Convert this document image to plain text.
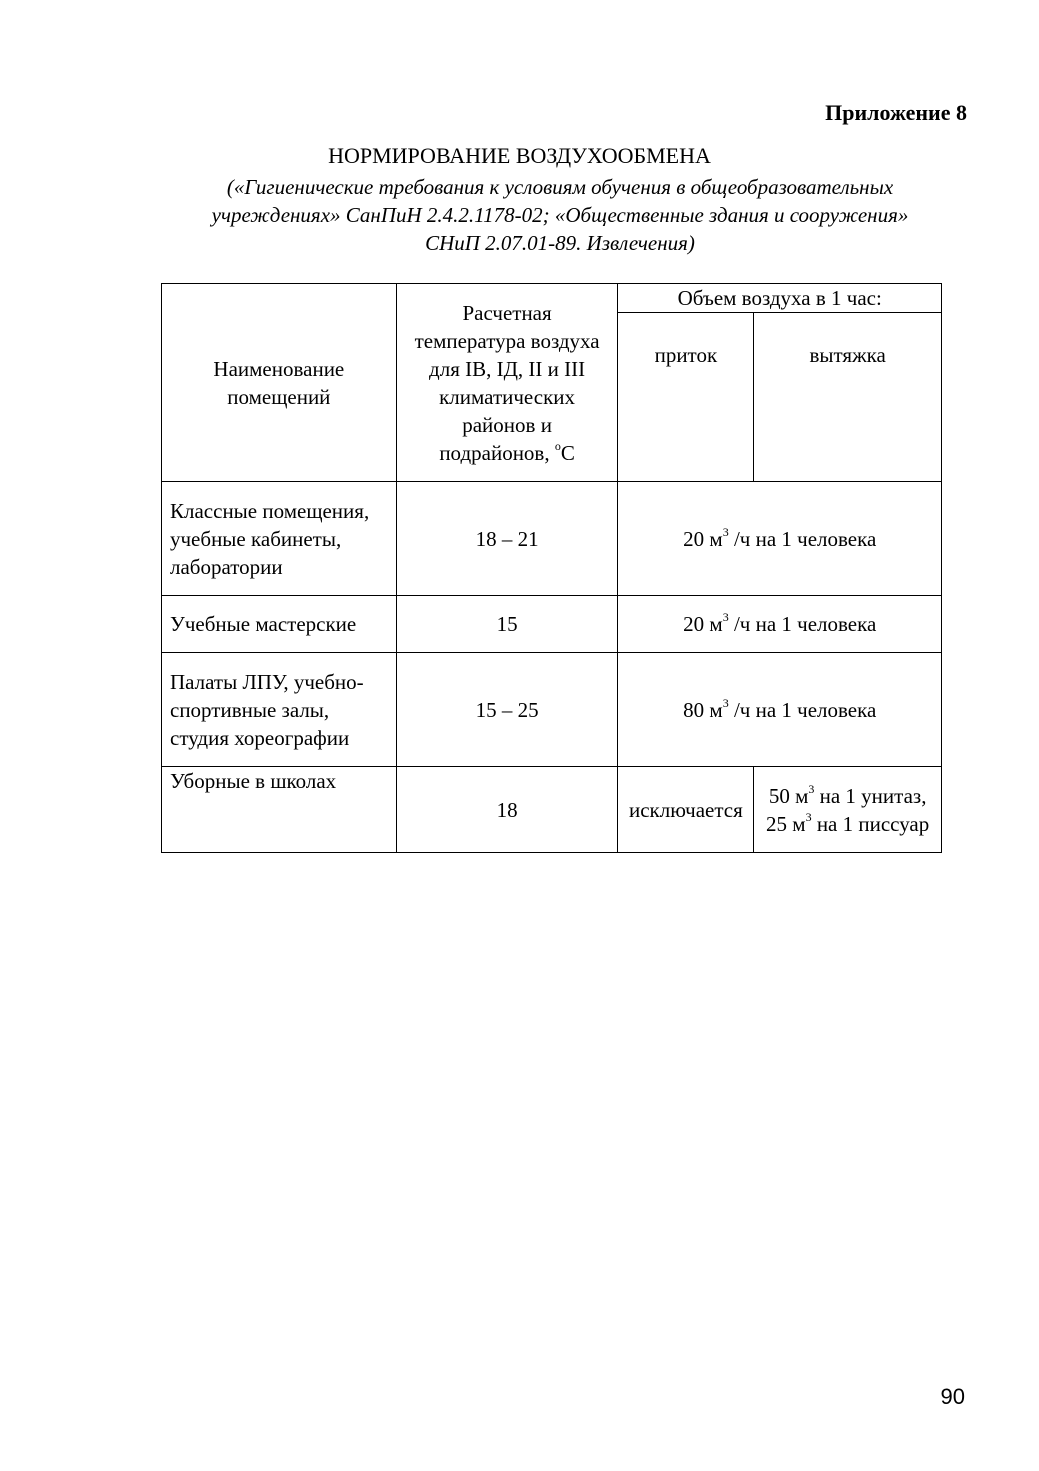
Приложение 8
НОРМИРОВАНИЕ ВОЗДУХООБМЕНА
(«Гигиенические требования к условиям обучения в общеобразовательных
учреждениях» СанПиН 2.4.2.1178-02; «Общественные здания и сооружения»
СНиП 2.07.01-89. Извлечения)
Наименование помещений	Расчетная температура воздуха для IВ, IД, II и III климатических районов и подрайонов, $^o$С	Объем воздуха в 1 час:	
		приток	вытяжка
Классные помещения, учебные кабинеты, лаборатории	18 – 21	20 $м^3$ /ч на 1 человека	
Учебные мастерские	15	20 $м^3$ /ч на 1 человека	
Палаты ЛПУ, учебно-спортивные залы, студия хореографии	15 – 25	80 $м^3$ /ч на 1 человека	
Уборные в школах	18	исключается	50 $м^3$ на 1 унитаз, 25 $м^3$ на 1 писсуар
90
